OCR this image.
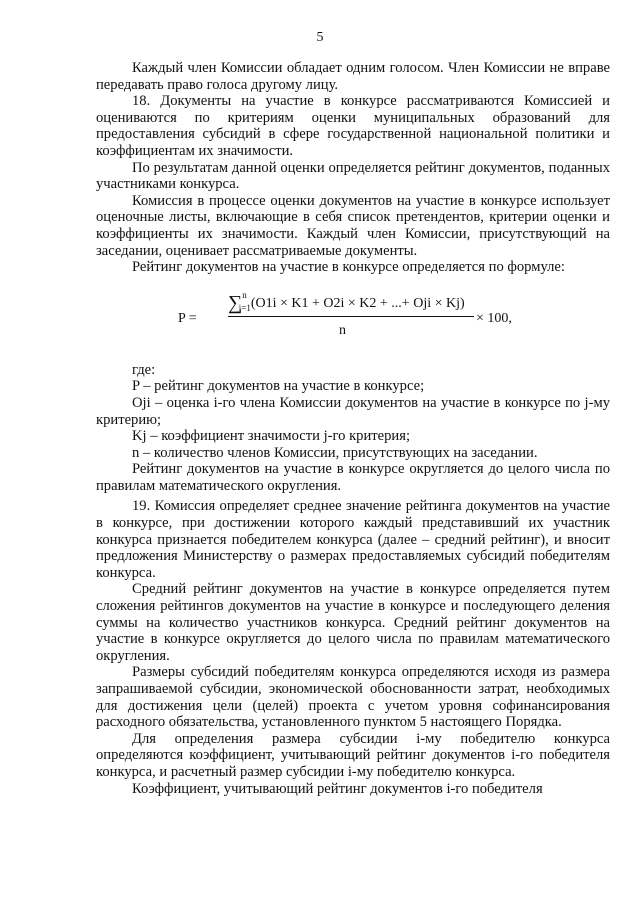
5

Каждый член Комиссии обладает одним голосом. Член Комиссии не вправе передавать право голоса другому лицу.

18. Документы на участие в конкурсе рассматриваются Комиссией и оцениваются по критериям оценки муниципальных образований для предоставления субсидий в сфере государственной национальной политики и коэффициентам их значимости.

По результатам данной оценки определяется рейтинг документов, поданных участниками конкурса.

Комиссия в процессе оценки документов на участие в конкурсе использует оценочные листы, включающие в себя список претендентов, критерии оценки и коэффициенты их значимости. Каждый член Комиссии, присутствующий на заседании, оценивает рассматриваемые документы.

Рейтинг документов на участие в конкурсе определяется по формуле:

P =
∑$^n_{i=1}$(O1i × K1 + O2i × K2 + ...+ Oji × Kj)
n
× 100,

где:

P – рейтинг документов на участие в конкурсе;

Oji – оценка i-го члена Комиссии документов на участие в конкурсе по j-му критерию;

Kj – коэффициент значимости j-го критерия;

n – количество членов Комиссии, присутствующих на заседании.

Рейтинг документов на участие в конкурсе округляется до целого числа по правилам математического округления.

19. Комиссия определяет среднее значение рейтинга документов на участие в конкурсе, при достижении которого каждый представивший их участник конкурса признается победителем конкурса (далее – средний рейтинг), и вносит предложения Министерству о размерах предоставляемых субсидий победителям конкурса.

Средний рейтинг документов на участие в конкурсе определяется путем сложения рейтингов документов на участие в конкурсе и последующего деления суммы на количество участников конкурса. Средний рейтинг документов на участие в конкурсе округляется до целого числа по правилам математического округления.

Размеры субсидий победителям конкурса определяются исходя из размера запрашиваемой субсидии, экономической обоснованности затрат, необходимых для достижения цели (целей) проекта с учетом уровня софинансирования расходного обязательства, установленного пунктом 5 настоящего Порядка.

Для определения размера субсидии i-му победителю конкурса определяются коэффициент, учитывающий рейтинг документов i-го победителя конкурса, и расчетный размер субсидии i-му победителю конкурса.

Коэффициент, учитывающий рейтинг документов i-го победителя
